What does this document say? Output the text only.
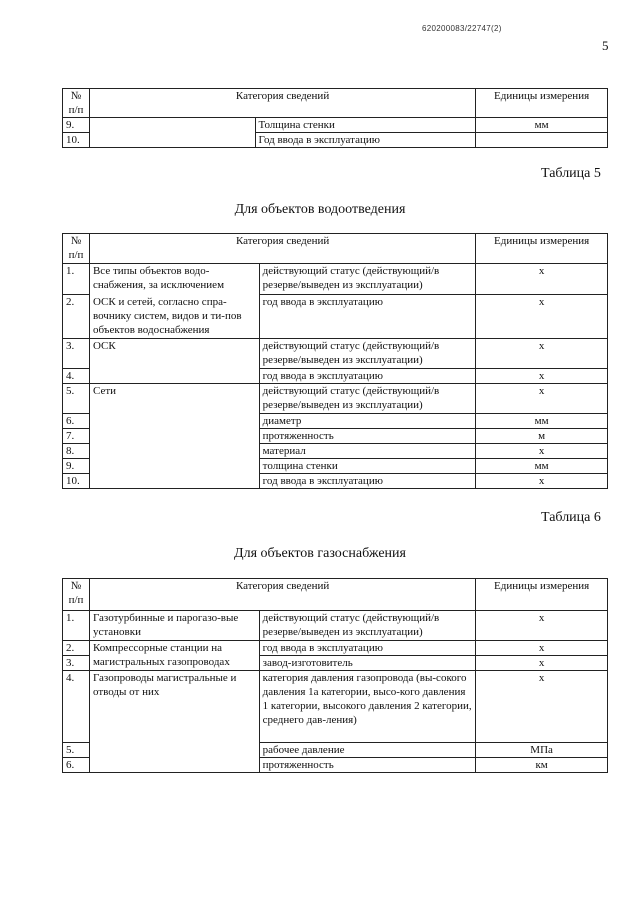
620200083/22747(2)
5
№
п/п	Категория сведений		Единицы измерения
9.		Толщина стенки	мм
10.		Год ввода в эксплуатацию	
Таблица 5
Для объектов водоотведения
№
п/п	Категория сведений		Единицы измерения
1.	Все типы объектов водо-снабжения, за исключением	действующий статус (действующий/в резерве/выведен из эксплуатации)	x
2.	ОСК и сетей, согласно спра-вочнику систем, видов и ти-пов объектов водоснабжения	год ввода в эксплуатацию	x
3.	ОСК	действующий статус (действующий/в резерве/выведен из эксплуатации)	x
4.		год ввода в эксплуатацию	x
5.	Сети	действующий статус (действующий/в резерве/выведен из эксплуатации)	x
6.		диаметр	мм
7.		протяженность	м
8.		материал	x
9.		толщина стенки	мм
10.		год ввода в эксплуатацию	x
Таблица 6
Для объектов газоснабжения
№
п/п	Категория сведений		Единицы измерения
1.	Газотурбинные и парогазо-вые установки	действующий статус (действующий/в резерве/выведен из эксплуатации)	x
2.	Компрессорные станции на магистральных газопроводах	год ввода в эксплуатацию	x
3.		завод-изготовитель	x
4.	Газопроводы магистральные и отводы от них	категория давления газопровода (вы-сокого давления 1а категории, высо-кого давления 1 категории, высокого давления 2 категории, среднего дав-ления)	x
5.		рабочее давление	МПа
6.		протяженность	км
